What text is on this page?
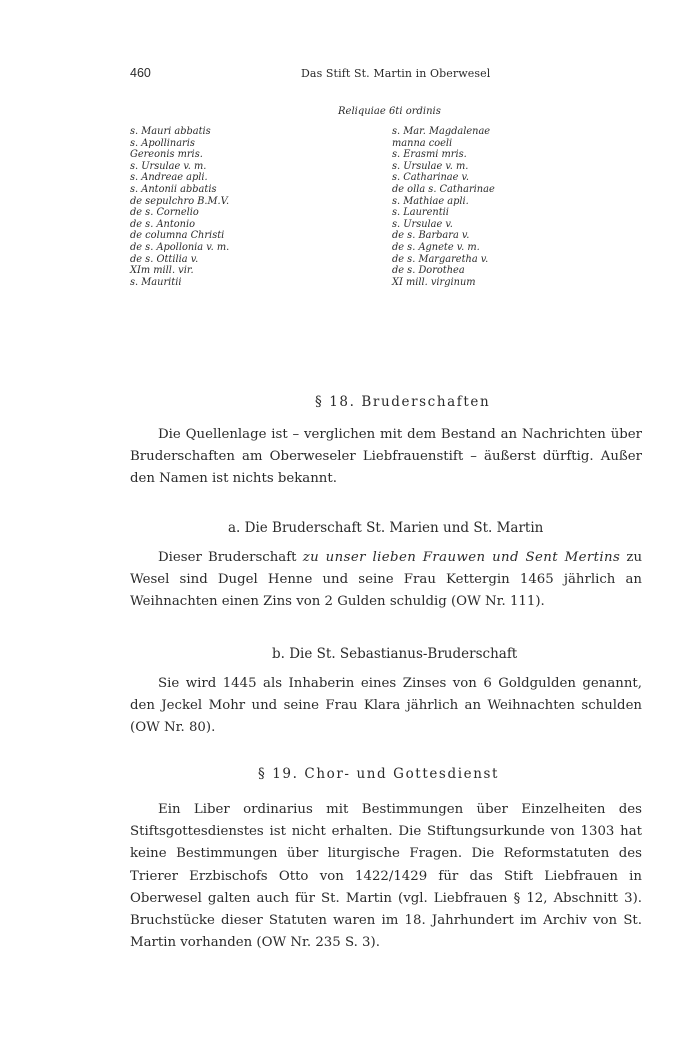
460	Das Stift St. Martin in Oberwesel
Reliquiae 6ti ordinis
s. Mauri abbatis
s. Apollinaris
Gereonis mris.
s. Ursulae v. m.
s. Andreae apli.
s. Antonii abbatis
de sepulchro B.M.V.
de s. Cornelio
de s. Antonio
de columna Christi
de s. Apollonia v. m.
de s. Ottilia v.
XIm mill. vir.
s. Mauritii
s. Mar. Magdalenae
manna coeli
s. Erasmi mris.
s. Ursulae v. m.
s. Catharinae v.
de olla s. Catharinae
s. Mathiae apli.
s. Laurentii
s. Ursulae v.
de s. Barbara v.
de s. Agnete v. m.
de s. Margaretha v.
de s. Dorothea
XI mill. virginum
§ 18. Bruderschaften

Die Quellenlage ist – verglichen mit dem Bestand an Nachrichten über Bruderschaften am Oberweseler Liebfrauenstift – äußerst dürftig. Außer den Namen ist nichts bekannt.

a. Die Bruderschaft St. Marien und St. Martin

Dieser Bruderschaft zu unser lieben Frauwen und Sent Mertins zu Wesel sind Dugel Henne und seine Frau Kettergin 1465 jährlich an Weihnachten einen Zins von 2 Gulden schuldig (OW Nr. 111).

b. Die St. Sebastianus-Bruderschaft

Sie wird 1445 als Inhaberin eines Zinses von 6 Goldgulden genannt, den Jeckel Mohr und seine Frau Klara jährlich an Weihnachten schulden (OW Nr. 80).

§ 19. Chor- und Gottesdienst

Ein Liber ordinarius mit Bestimmungen über Einzelheiten des Stiftsgottesdienstes ist nicht erhalten. Die Stiftungsurkunde von 1303 hat keine Bestimmungen über liturgische Fragen. Die Reformstatuten des Trierer Erzbischofs Otto von 1422/1429 für das Stift Liebfrauen in Oberwesel galten auch für St. Martin (vgl. Liebfrauen § 12, Abschnitt 3). Bruchstücke dieser Statuten waren im 18. Jahrhundert im Archiv von St. Martin vorhanden (OW Nr. 235 S. 3).
